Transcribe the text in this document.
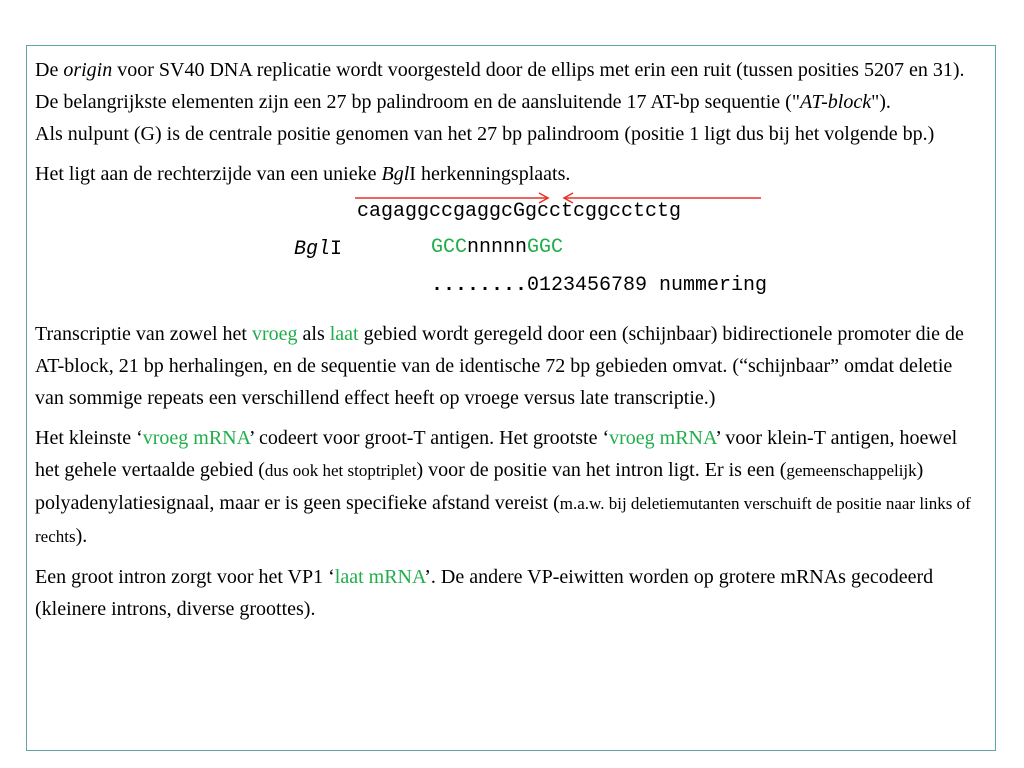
De origin voor SV40 DNA replicatie wordt voorgesteld door de ellips met erin een ruit (tussen posities 5207 en 31). De belangrijkste elementen zijn een 27 bp palindroom en de aansluitende 17 AT-bp sequentie ("AT-block").

Als nulpunt (G) is de centrale positie genomen van het 27 bp palindroom (positie 1 ligt dus bij het volgende bp.)

Het ligt aan de rechterzijde van een unieke BglI herkenningsplaats.

cagaggccgaggcGgcctcggcctctg
BglI	GCCnnnnnGGC
........0123456789 nummering

Transcriptie van zowel het vroeg als laat gebied wordt geregeld door een (schijnbaar) bidirectionele promoter die de AT-block, 21 bp herhalingen, en de sequentie van de identische 72 bp gebieden omvat. (“schijnbaar” omdat deletie van sommige repeats een verschillend effect heeft op vroege versus late transcriptie.)

Het kleinste ‘vroeg mRNA’ codeert voor groot-T antigen. Het grootste ‘vroeg mRNA’ voor klein-T antigen, hoewel het gehele vertaalde gebied (dus ook het stoptriplet) voor de positie van het intron ligt. Er is een (gemeenschappelijk) polyadenylatiesignaal, maar er is geen specifieke afstand vereist (m.a.w. bij deletiemutanten verschuift de positie naar links of rechts).

Een groot intron zorgt voor het VP1 ‘laat mRNA’. De andere VP-eiwitten worden op grotere mRNAs gecodeerd (kleinere introns, diverse groottes).
